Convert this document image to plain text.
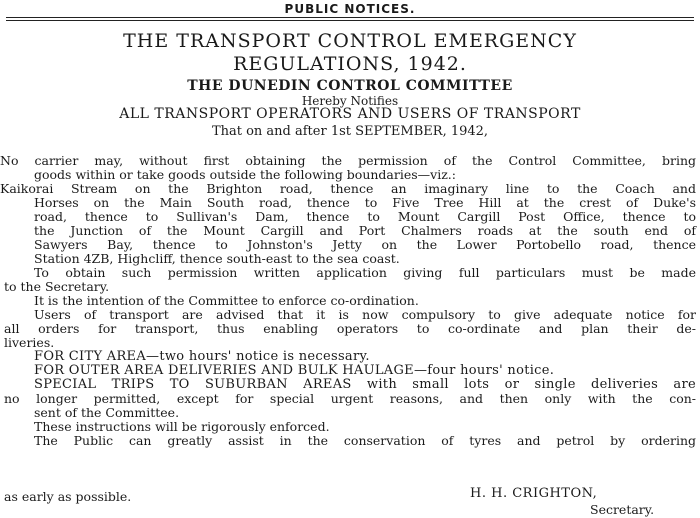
PUBLIC NOTICES.
THE TRANSPORT CONTROL EMERGENCY
REGULATIONS, 1942.
THE DUNEDIN CONTROL COMMITTEE
Hereby Notifies
ALL TRANSPORT OPERATORS AND USERS OF TRANSPORT
That on and after 1st SEPTEMBER, 1942,
No carrier may, without first obtaining the permission of the Control Committee, bring
goods within or take goods outside the following boundaries—viz.:
Kaikorai Stream on the Brighton road, thence an imaginary line to the Coach and
Horses on the Main South road, thence to Five Tree Hill at the crest of Duke's
road, thence to Sullivan's Dam, thence to Mount Cargill Post Office, thence to
the Junction of the Mount Cargill and Port Chalmers roads at the south end of
Sawyers Bay, thence to Johnston's Jetty on the Lower Portobello road, thence
Station 4ZB, Highcliff, thence south-east to the sea coast.
To obtain such permission written application giving full particulars must be made
to the Secretary.
It is the intention of the Committee to enforce co-ordination.
Users of transport are advised that it is now compulsory to give adequate notice for
all orders for transport, thus enabling operators to co-ordinate and plan their de-
liveries.
FOR CITY AREA—two hours' notice is necessary.
FOR OUTER AREA DELIVERIES AND BULK HAULAGE—four hours' notice.
SPECIAL TRIPS TO SUBURBAN AREAS with small lots or single deliveries are
no longer permitted, except for special urgent reasons, and then only with the con-
sent of the Committee.
These instructions will be rigorously enforced.
The Public can greatly assist in the conservation of tyres and petrol by ordering
as early as possible.	H. H. CRIGHTON,
Secretary.
